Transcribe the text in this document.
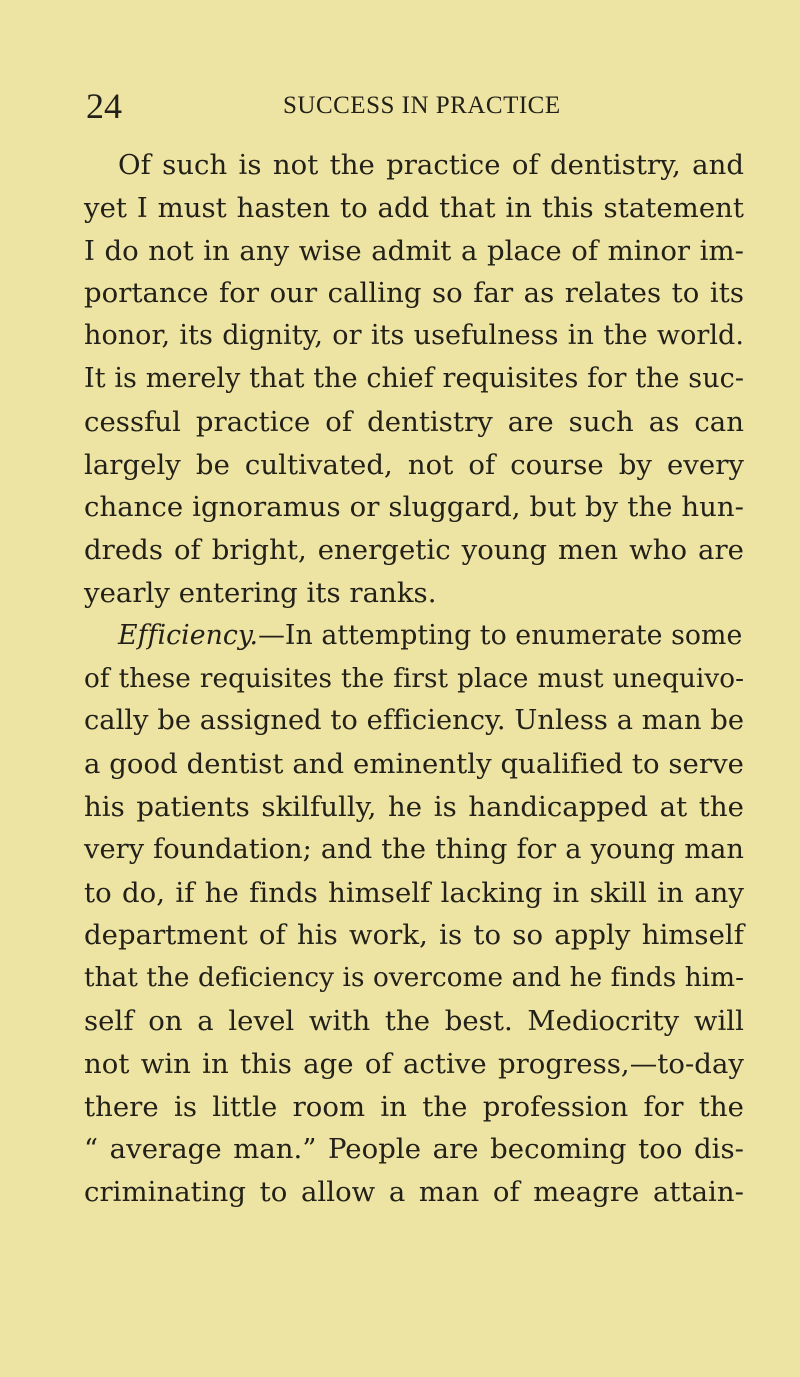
24	SUCCESS IN PRACTICE
Of such is not the practice of dentistry, and
yet I must hasten to add that in this statement
I do not in any wise admit a place of minor im-
portance for our calling so far as relates to its
honor, its dignity, or its usefulness in the world.
It is merely that the chief requisites for the suc-
cessful practice of dentistry are such as can
largely be cultivated, not of course by every
chance ignoramus or sluggard, but by the hun-
dreds of bright, energetic young men who are
yearly entering its ranks.
Efficiency.—In attempting to enumerate some
of these requisites the first place must unequivo-
cally be assigned to efficiency. Unless a man be
a good dentist and eminently qualified to serve
his patients skilfully, he is handicapped at the
very foundation; and the thing for a young man
to do, if he finds himself lacking in skill in any
department of his work, is to so apply himself
that the deficiency is overcome and he finds him-
self on a level with the best. Mediocrity will
not win in this age of active progress,—to-day
there is little room in the profession for the
“ average man.” People are becoming too dis-
criminating to allow a man of meagre attain-
